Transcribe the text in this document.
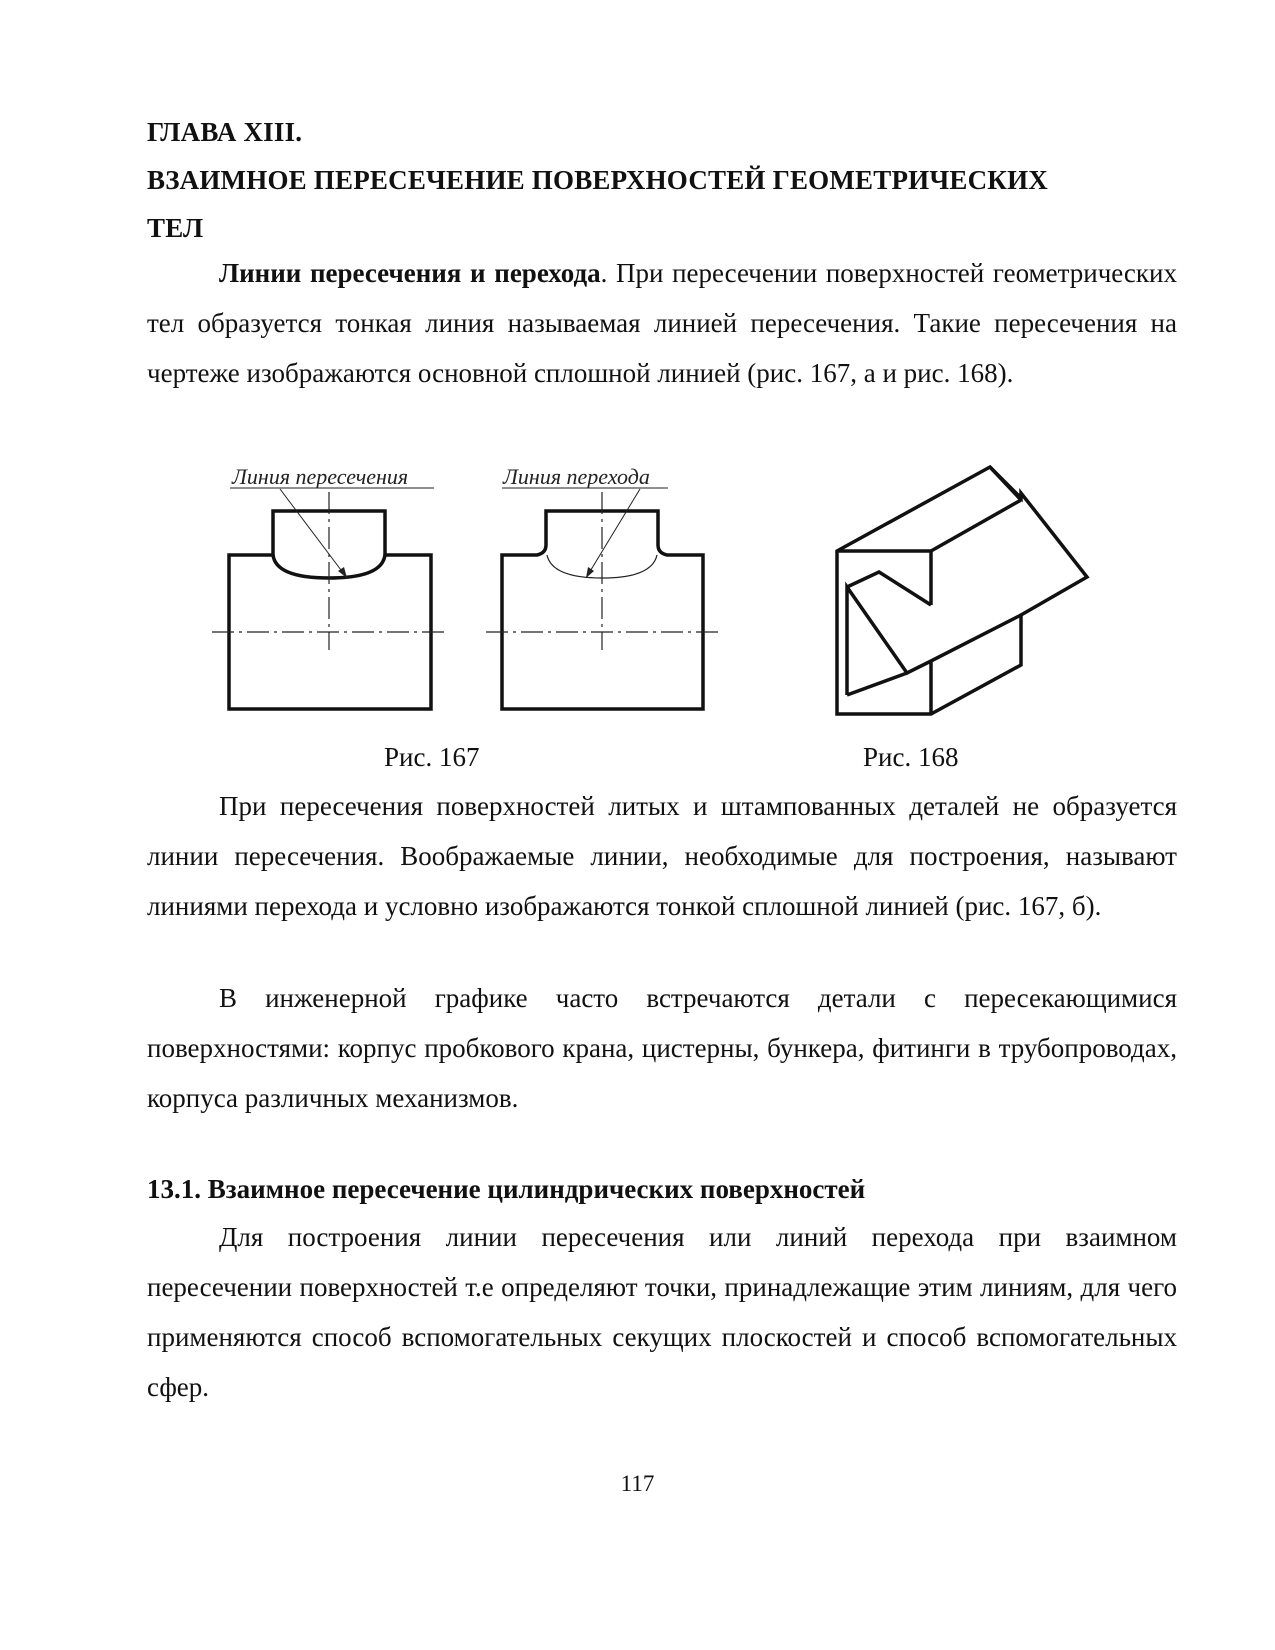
ГЛАВА XIII.
ВЗАИМНОЕ ПЕРЕСЕЧЕНИЕ ПОВЕРХНОСТЕЙ ГЕОМЕТРИЧЕСКИХ
ТЕЛ
Линии пересечения и перехода. При пересечении поверхностей геометрических тел образуется тонкая линия называемая линией пересечения. Такие пересечения на чертеже изображаются основной сплошной линией (рис. 167, а и рис. 168).
Линия пересечения	Линия перехода
Рис. 167	Рис. 168
При пересечения поверхностей литых и штампованных деталей не образуется линии пересечения. Воображаемые линии, необходимые для построения, называют линиями перехода и условно изображаются тонкой сплошной линией (рис. 167, б).
В инженерной графике часто встречаются детали с пересекающимися поверхностями: корпус пробкового крана, цистерны, бункера, фитинги в трубопроводах, корпуса различных механизмов.
13.1. Взаимное пересечение цилиндрических поверхностей
Для построения линии пересечения или линий перехода при взаимном пересечении поверхностей т.е определяют точки, принадлежащие этим линиям, для чего применяются способ вспомогательных секущих плоскостей и способ вспомогательных сфер.
117
